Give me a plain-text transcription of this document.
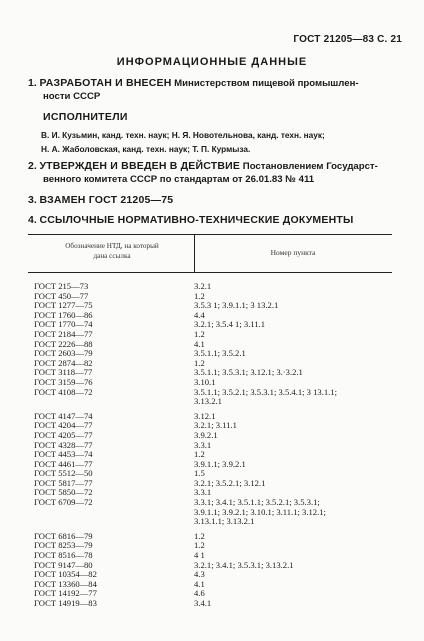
ГОСТ 21205—83 С. 21
ИНФОРМАЦИОННЫЕ ДАННЫЕ
1. РАЗРАБОТАН И ВНЕСЕН Министерством пищевой промышлен-
ности СССР
ИСПОЛНИТЕЛИ
В. И. Кузьмин, канд. техн. наук; Н. Я. Новотельнова, канд. техн. наук;
Н. А. Жаболовская, канд. техн. наук; Т. П. Курмыза.
2. УТВЕРЖДЕН И ВВЕДЕН В ДЕЙСТВИЕ Постановлением Государст-
венного комитета СССР по стандартам от 26.01.83 № 411
3. ВЗАМЕН ГОСТ 21205—75
4. ССЫЛОЧНЫЕ НОРМАТИВНО-ТЕХНИЧЕСКИЕ ДОКУМЕНТЫ
Обозначение НТД, на который
дана ссылка	Номер пункта
ГОСТ 215—73	3.2.1
ГОСТ 450—77	1.2
ГОСТ 1277—75	3.5.3 1; 3.9.1.1; 3 13.2.1
ГОСТ 1760—86	4.4
ГОСТ 1770—74	3.2.1; 3.5.4 1; 3.11.1
ГОСТ 2184—77	1.2
ГОСТ 2226—88	4.1
ГОСТ 2603—79	3.5.1.1; 3.5.2.1
ГОСТ 2874—82	1.2
ГОСТ 3118—77	3.5.1.1; 3.5.3.1; 3.12.1; 3.·3.2.1
ГОСТ 3159—76	3.10.1
ГОСТ 4108—72	3.5.1.1; 3.5.2.1; 3.5.3.1; 3.5.4.1; 3 13.1.1;
3.13.2.1
ГОСТ 4147—74	3.12.1
ГОСТ 4204—77	3.2.1; 3.11.1
ГОСТ 4205—77	3.9.2.1
ГОСТ 4328—77	3.3.1
ГОСТ 4453—74	1.2
ГОСТ 4461—77	3.9.1.1; 3.9.2.1
ГОСТ 5512—50	1.5
ГОСТ 5817—77	3.2.1; 3.5.2.1; 3.12.1
ГОСТ 5850—72	3.3.1
ГОСТ 6709—72	3.3.1; 3.4.1; 3.5.1.1; 3.5.2.1; 3.5.3.1;
3.9.1.1; 3.9.2.1; 3.10.1; 3.11.1; 3.12.1;
3.13.1.1; 3.13.2.1
ГОСТ 6816—79	1.2
ГОСТ 8253—79	1.2
ГОСТ 8516—78	4 1
ГОСТ 9147—80	3.2.1; 3.4.1; 3.5.3.1; 3.13.2.1
ГОСТ 10354—82	4.3
ГОСТ 13360—84	4.1
ГОСТ 14192—77	4.6
ГОСТ 14919—83	3.4.1
